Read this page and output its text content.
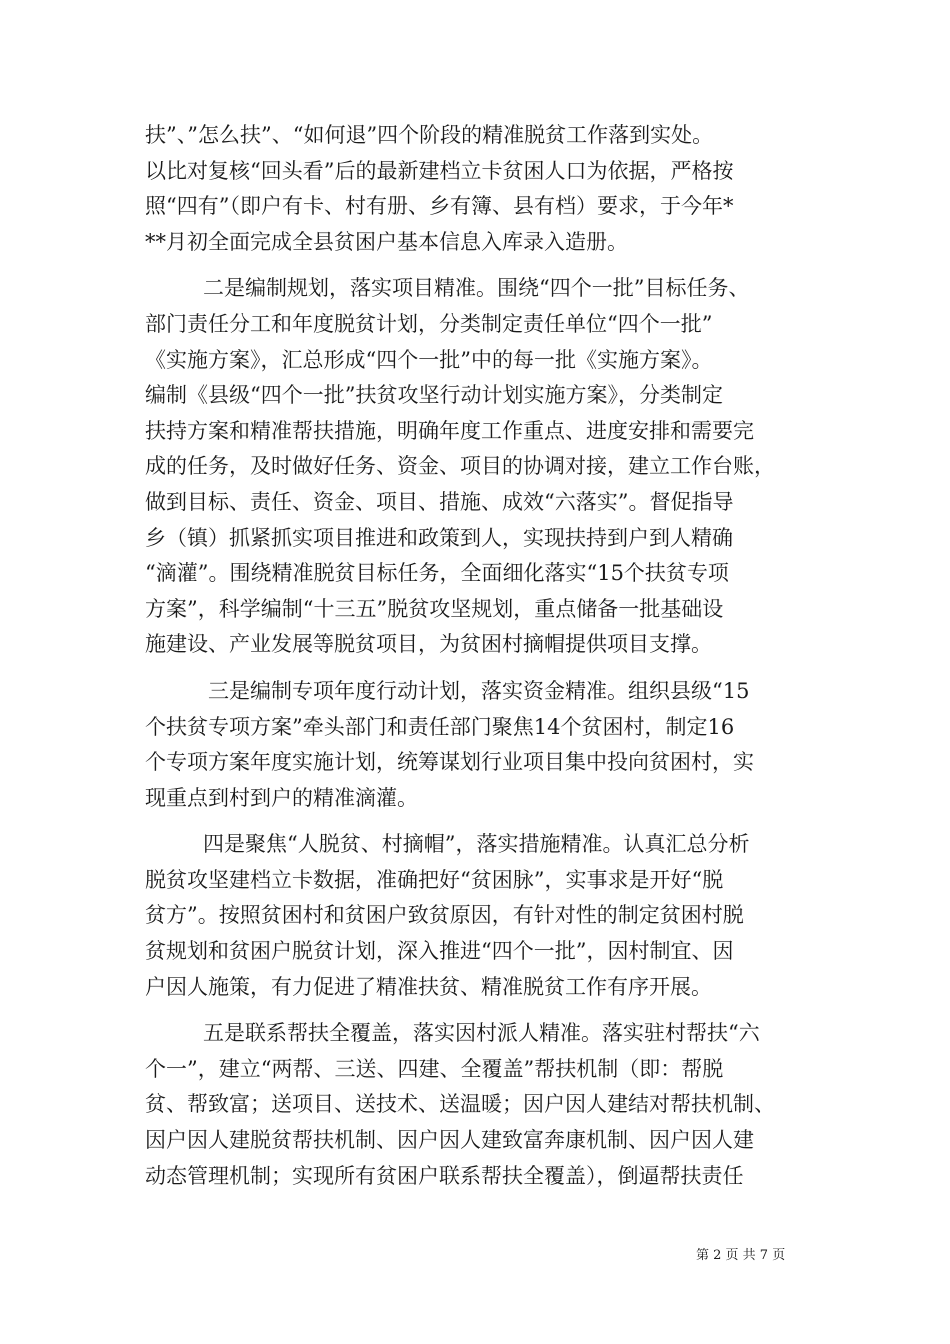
扶”、”怎么扶”、“如何退”四个阶段的精准脱贫工作落到实处。
以比对复核“回头看”后的最新建档立卡贫困人口为依据，严格按
照“四有”（即户有卡、村有册、乡有簿、县有档）要求，于今年*
**月初全面完成全县贫困户基本信息入库录入造册。
二是编制规划，落实项目精准。围绕“四个一批”目标任务、
部门责任分工和年度脱贫计划，分类制定责任单位“四个一批”
《实施方案》，汇总形成“四个一批”中的每一批《实施方案》。
编制《县级“四个一批”扶贫攻坚行动计划实施方案》，分类制定
扶持方案和精准帮扶措施，明确年度工作重点、进度安排和需要完
成的任务，及时做好任务、资金、项目的协调对接，建立工作台账，
做到目标、责任、资金、项目、措施、成效“六落实”。督促指导
乡（镇）抓紧抓实项目推进和政策到人，实现扶持到户到人精确
“滴灌”。围绕精准脱贫目标任务，全面细化落实“15个扶贫专项
方案”，科学编制“十三五”脱贫攻坚规划，重点储备一批基础设
施建设、产业发展等脱贫项目，为贫困村摘帽提供项目支撑。
三是编制专项年度行动计划，落实资金精准。组织县级“15
个扶贫专项方案”牵头部门和责任部门聚焦14个贫困村，制定16
个专项方案年度实施计划，统筹谋划行业项目集中投向贫困村，实
现重点到村到户的精准滴灌。
四是聚焦“人脱贫、村摘帽”，落实措施精准。认真汇总分析
脱贫攻坚建档立卡数据，准确把好“贫困脉”，实事求是开好“脱
贫方”。按照贫困村和贫困户致贫原因，有针对性的制定贫困村脱
贫规划和贫困户脱贫计划，深入推进“四个一批”，因村制宜、因
户因人施策，有力促进了精准扶贫、精准脱贫工作有序开展。
五是联系帮扶全覆盖，落实因村派人精准。落实驻村帮扶“六
个一”，建立“两帮、三送、四建、全覆盖”帮扶机制（即：帮脱
贫、帮致富；送项目、送技术、送温暖；因户因人建结对帮扶机制、
因户因人建脱贫帮扶机制、因户因人建致富奔康机制、因户因人建
动态管理机制；实现所有贫困户联系帮扶全覆盖），倒逼帮扶责任
第 2 页 共 7 页
